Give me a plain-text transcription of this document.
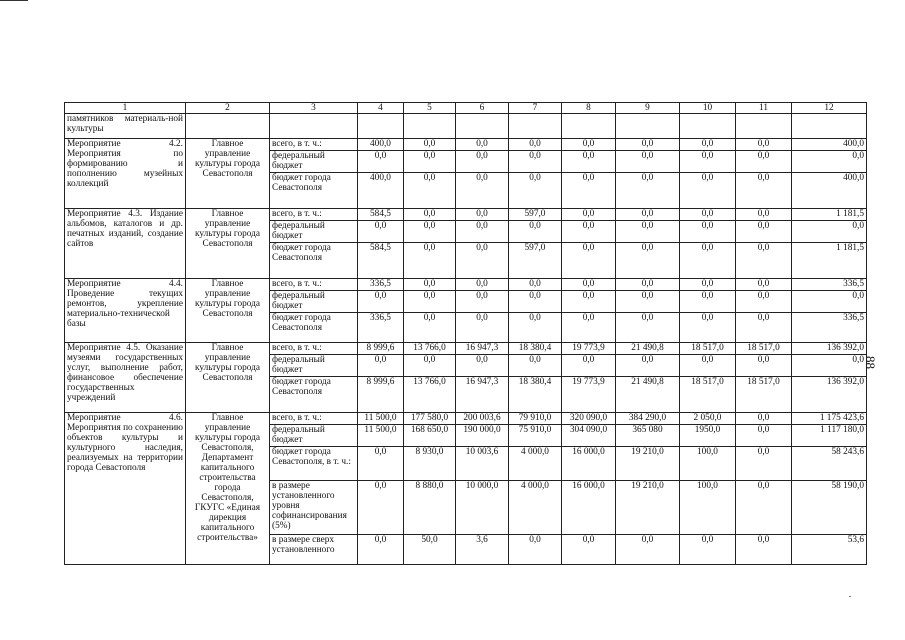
88
1	2	3	4	5	6	7	8	9	10	11	12
памятников материаль-ной культуры											
Мероприятие 4.2. Мероприятия по формированию и пополнению музейных коллекций	Главное управление культуры города Севастополя	всего, в т. ч.:	400,0	0,0	0,0	0,0	0,0	0,0	0,0	0,0	400,0
		федеральный бюджет	0,0	0,0	0,0	0,0	0,0	0,0	0,0	0,0	0,0
		бюджет города Севастополя	400,0	0,0	0,0	0,0	0,0	0,0	0,0	0,0	400,0
Мероприятие 4.3. Издание альбомов, каталогов и др. печатных изданий, создание сайтов	Главное управление культуры города Севастополя	всего, в т. ч.:	584,5	0,0	0,0	597,0	0,0	0,0	0,0	0,0	1 181,5
		федеральный бюджет	0,0	0,0	0,0	0,0	0,0	0,0	0,0	0,0	0,0
		бюджет города Севастополя	584,5	0,0	0,0	597,0	0,0	0,0	0,0	0,0	1 181,5
Мероприятие 4.4. Проведение текущих ремонтов, укрепление материально-технической базы	Главное управление культуры города Севастополя	всего, в т. ч.:	336,5	0,0	0,0	0,0	0,0	0,0	0,0	0,0	336,5
		федеральный бюджет	0,0	0,0	0,0	0,0	0,0	0,0	0,0	0,0	0,0
		бюджет города Севастополя	336,5	0,0	0,0	0,0	0,0	0,0	0,0	0,0	336,5
Мероприятие 4.5. Оказание музеями государственных услуг, выполнение работ, финансовое обеспечение государственных учреждений	Главное управление культуры города Севастополя	всего, в т. ч.:	8 999,6	13 766,0	16 947,3	18 380,4	19 773,9	21 490,8	18 517,0	18 517,0	136 392,0
		федеральный бюджет	0,0	0,0	0,0	0,0	0,0	0,0	0,0	0,0	0,0
		бюджет города Севастополя	8 999,6	13 766,0	16 947,3	18 380,4	19 773,9	21 490,8	18 517,0	18 517,0	136 392,0
Мероприятие 4.6. Мероприятия по сохранению объектов культуры и культурного наследия, реализуемых на территории города Севастополя	Главное управление культуры города Севастополя, Департамент капитального строительства города Севастополя, ГКУГС «Единая дирекция капитального строительства»	всего, в т. ч.:	11 500,0	177 580,0	200 003,6	79 910,0	320 090,0	384 290,0	2 050,0	0,0	1 175 423,6
		федеральный бюджет	11 500,0	168 650,0	190 000,0	75 910,0	304 090,0	365 080	1950,0	0,0	1 117 180,0
		бюджет города Севастополя, в т. ч.:	0,0	8 930,0	10 003,6	4 000,0	16 000,0	19 210,0	100,0	0,0	58 243,6
		в размере установленного уровня софинансирования (5%)	0,0	8 880,0	10 000,0	4 000,0	16 000,0	19 210,0	100,0	0,0	58 190,0
		в размере сверх установленного	0,0	50,0	3,6	0,0	0,0	0,0	0,0	0,0	53,6
